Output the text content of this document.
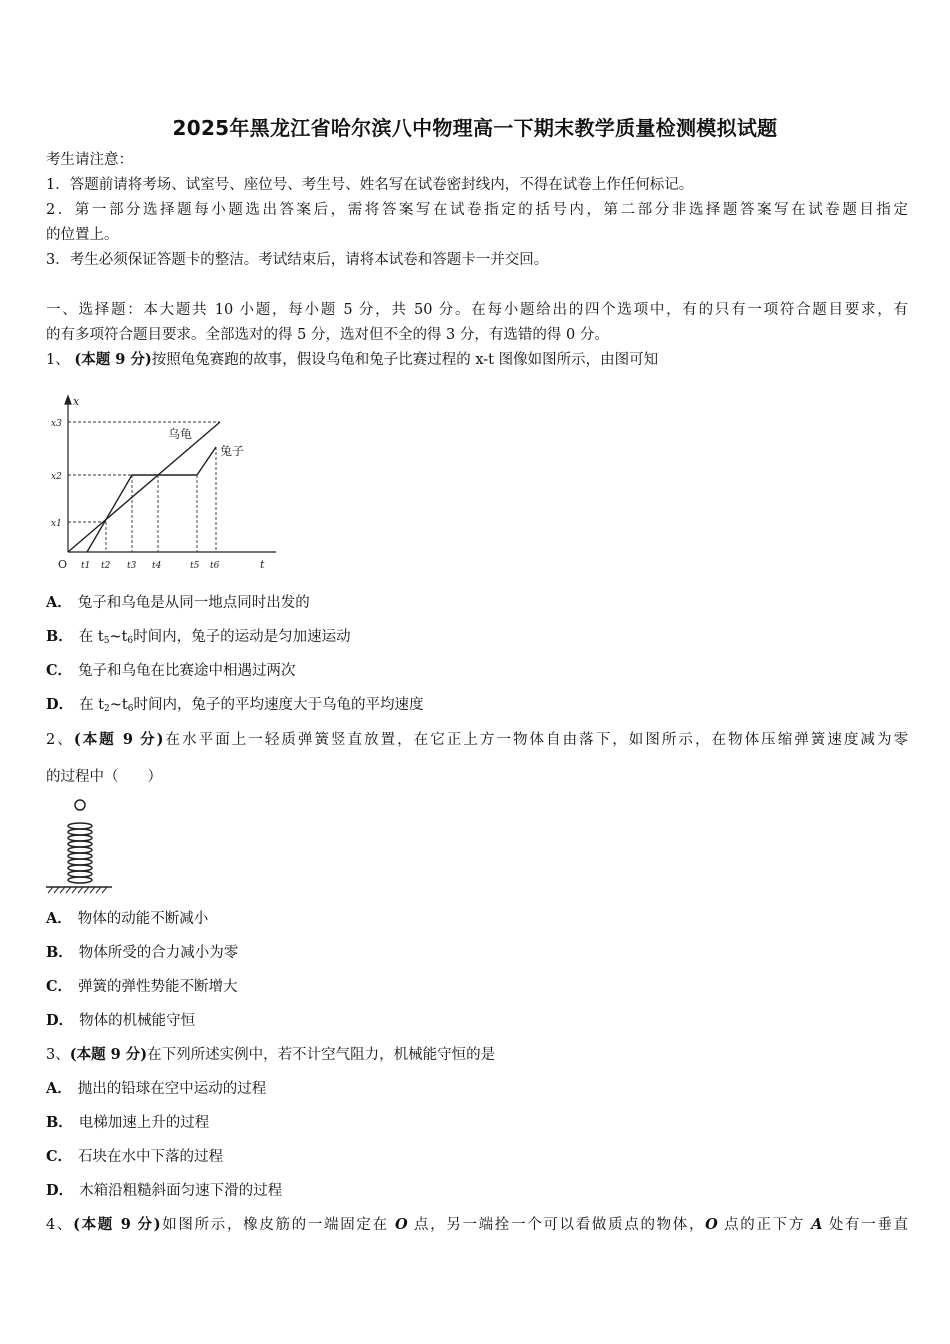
2025年黑龙江省哈尔滨八中物理高一下期末教学质量检测模拟试题
考生请注意：
1．答题前请将考场、试室号、座位号、考生号、姓名写在试卷密封线内，不得在试卷上作任何标记。
2．第一部分选择题每小题选出答案后，需将答案写在试卷指定的括号内，第二部分非选择题答案写在试卷题目指定
的位置上。
3．考生必须保证答题卡的整洁。考试结束后，请将本试卷和答题卡一并交回。
一、选择题：本大题共 10 小题，每小题 5 分，共 50 分。在每小题给出的四个选项中，有的只有一项符合题目要求，有
的有多项符合题目要求。全部选对的得 5 分，选对但不全的得 3 分，有选错的得 0 分。
1、 (本题 9 分)按照龟兔赛跑的故事，假设乌龟和兔子比赛过程的 x-t 图像如图所示，由图可知
x
t
O
x3
x2
x1
t1 t2 t3 t4	t5 t6
乌龟
兔子
A． 兔子和乌龟是从同一地点同时出发的
B． 在 $t_5\sim t_6$时间内，兔子的运动是匀加速运动
C． 兔子和乌龟在比赛途中相遇过两次
D． 在 $t_2\sim t_6$时间内，兔子的平均速度大于乌龟的平均速度
2、(本题 9 分)在水平面上一轻质弹簧竖直放置，在它正上方一物体自由落下，如图所示，在物体压缩弹簧速度减为零
的过程中（　　）
A． 物体的动能不断减小
B． 物体所受的合力减小为零
C． 弹簧的弹性势能不断增大
D． 物体的机械能守恒
3、(本题 9 分)在下列所述实例中，若不计空气阻力，机械能守恒的是
A． 抛出的铅球在空中运动的过程
B． 电梯加速上升的过程
C． 石块在水中下落的过程
D． 木箱沿粗糙斜面匀速下滑的过程
4、(本题 9 分)如图所示，橡皮筋的一端固定在 O 点，另一端拴一个可以看做质点的物体，O 点的正下方 A 处有一垂直
